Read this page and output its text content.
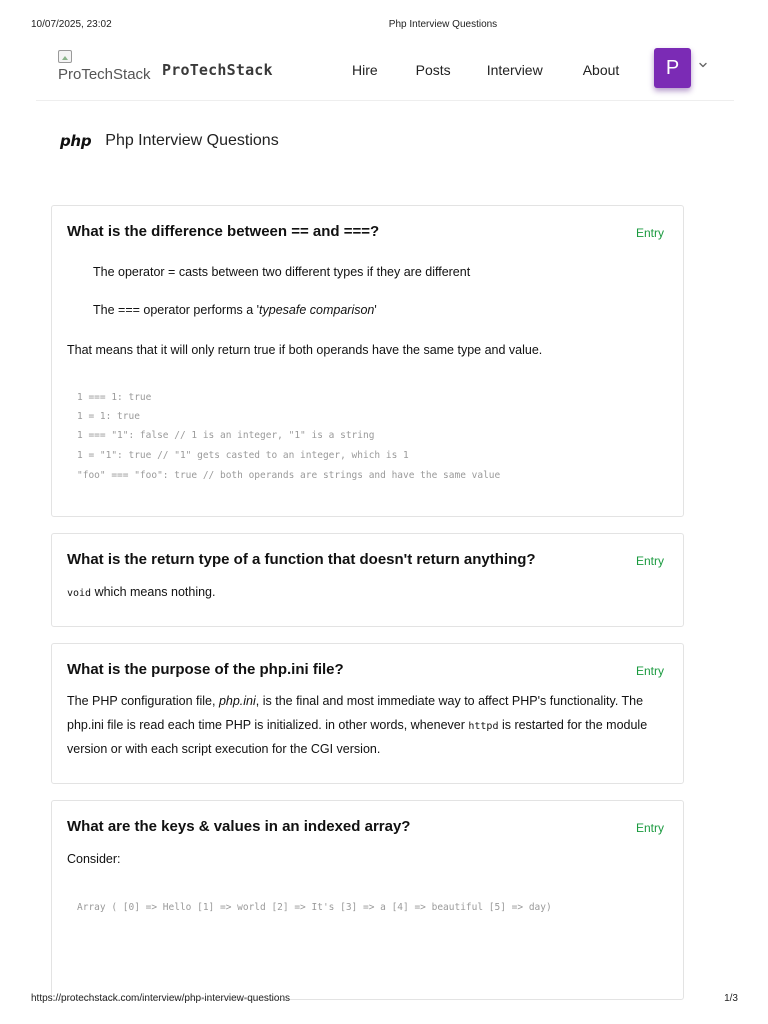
10/07/2025, 23:02	Php Interview Questions
ProTechStack ProTechStack	Hire	Posts	Interview	About	P
php Php Interview Questions
What is the difference between == and ===?	Entry
The operator = casts between two different types if they are different
The === operator performs a 'typesafe comparison'
That means that it will only return true if both operands have the same type and value.
1 === 1: true
1 = 1: true
1 === "1": false // 1 is an integer, "1" is a string
1 = "1": true // "1" gets casted to an integer, which is 1
"foo" === "foo": true // both operands are strings and have the same value
What is the return type of a function that doesn't return anything?	Entry
void which means nothing.
What is the purpose of the php.ini file?	Entry
The PHP configuration file, php.ini, is the final and most immediate way to affect PHP's functionality. The php.ini file is read each time PHP is initialized. in other words, whenever httpd is restarted for the module version or with each script execution for the CGI version.
What are the keys & values in an indexed array?	Entry
Consider:
Array ( [0] => Hello [1] => world [2] => It's [3] => a [4] => beautiful [5] => day)
https://protechstack.com/interview/php-interview-questions	1/3
